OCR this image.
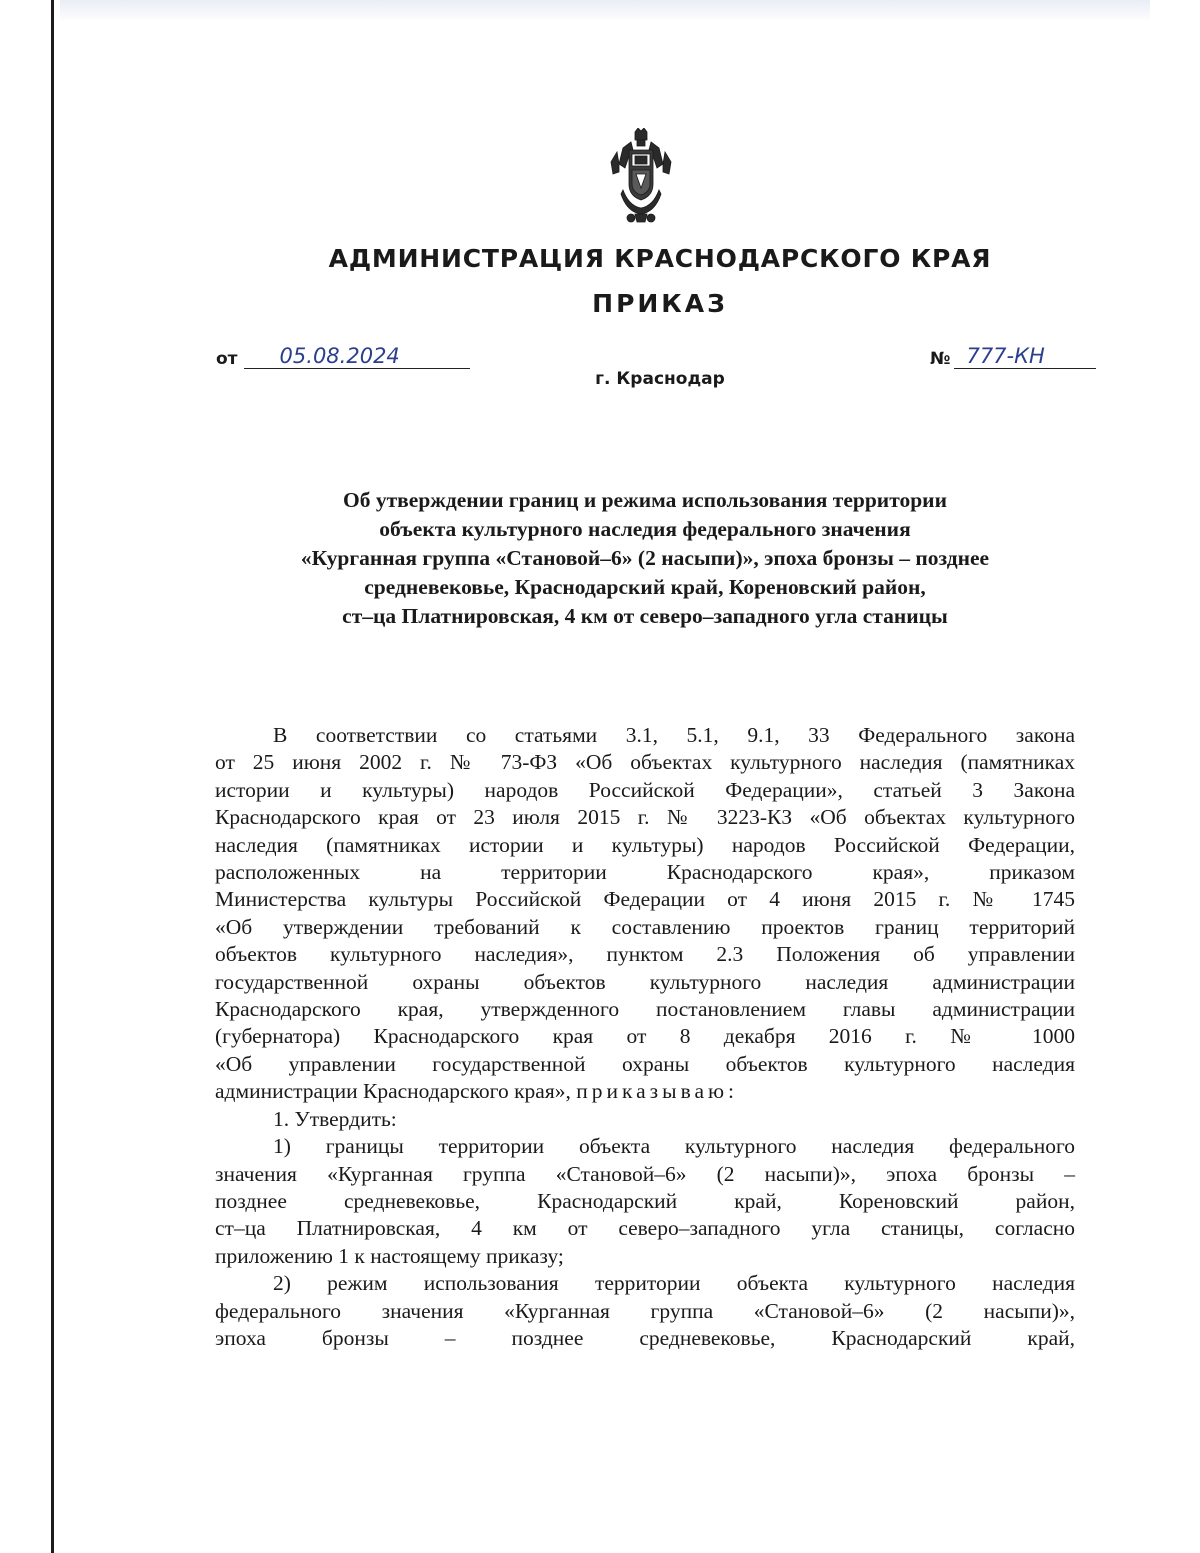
АДМИНИСТРАЦИЯ КРАСНОДАРСКОГО КРАЯ
ПРИКАЗ
от	05.08.2024
г. Краснодар
№ 777-КН
Об утверждении границ и режима использования территории
объекта культурного наследия федерального значения
«Курганная группа «Становой–6» (2 насыпи)», эпоха бронзы – позднее
средневековье, Краснодарский край, Кореновский район,
ст–ца Платнировская, 4 км от северо–западного угла станицы
В соответствии со статьями 3.1, 5.1, 9.1, 33 Федерального закона
от 25 июня 2002 г. № 73-ФЗ «Об объектах культурного наследия (памятниках
истории и культуры) народов Российской Федерации», статьей 3 Закона
Краснодарского края от 23 июля 2015 г. № 3223-КЗ «Об объектах культурного
наследия (памятниках истории и культуры) народов Российской Федерации,
расположенных на территории Краснодарского края», приказом
Министерства культуры Российской Федерации от 4 июня 2015 г. № 1745
«Об утверждении требований к составлению проектов границ территорий
объектов культурного наследия», пунктом 2.3 Положения об управлении
государственной охраны объектов культурного наследия администрации
Краснодарского края, утвержденного постановлением главы администрации
(губернатора) Краснодарского края от 8 декабря 2016 г. № 1000
«Об управлении государственной охраны объектов культурного наследия
администрации Краснодарского края», приказываю:
1. Утвердить:
1) границы территории объекта культурного наследия федерального
значения «Курганная группа «Становой–6» (2 насыпи)», эпоха бронзы –
позднее средневековье, Краснодарский край, Кореновский район,
ст–ца Платнировская, 4 км от северо–западного угла станицы, согласно
приложению 1 к настоящему приказу;
2) режим использования территории объекта культурного наследия
федерального значения «Курганная группа «Становой–6» (2 насыпи)»,
эпоха бронзы – позднее средневековье, Краснодарский край,
